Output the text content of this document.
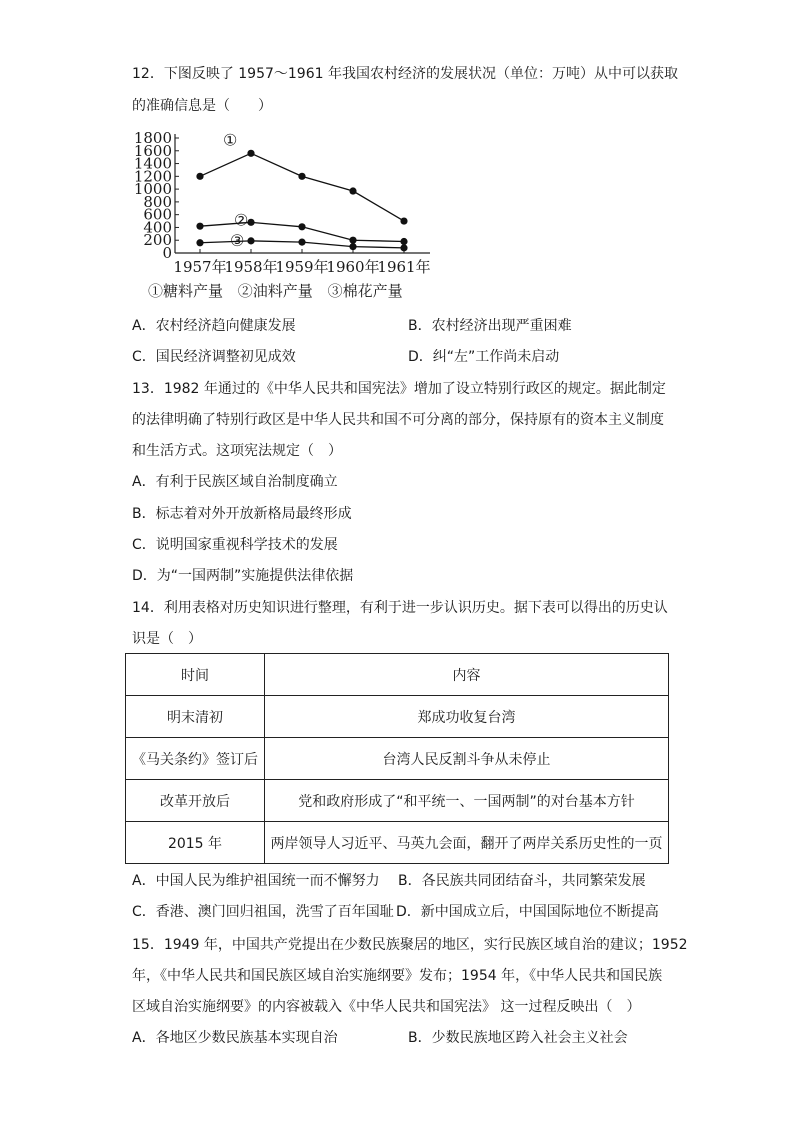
12．下图反映了 1957～1961 年我国农村经济的发展状况（单位：万吨）从中可以获取
的准确信息是（　　）
1800
1600
1400
1200
1000
800
600
400
200
0
1957年
1958年
1959年
1960年
1961年
①
②
③
①糖料产量 ②油料产量 ③棉花产量
A．农村经济趋向健康发展	B．农村经济出现严重困难
C．国民经济调整初见成效	D．纠“左”工作尚未启动
13．1982 年通过的《中华人民共和国宪法》增加了设立特别行政区的规定。据此制定
的法律明确了特别行政区是中华人民共和国不可分离的部分，保持原有的资本主义制度
和生活方式。这项宪法规定（　）
A．有利于民族区域自治制度确立
B．标志着对外开放新格局最终形成
C．说明国家重视科学技术的发展
D．为“一国两制”实施提供法律依据
14．利用表格对历史知识进行整理，有利于进一步认识历史。据下表可以得出的历史认
识是（　）
时间	内容
明末清初	郑成功收复台湾
《马关条约》签订后	台湾人民反割斗争从未停止
改革开放后	党和政府形成了“和平统一、一国两制”的对台基本方针
2015 年	两岸领导人习近平、马英九会面，翻开了两岸关系历史性的一页
A．中国人民为维护祖国统一而不懈努力 B．各民族共同团结奋斗，共同繁荣发展
C．香港、澳门回归祖国，洗雪了百年国耻 D．新中国成立后，中国国际地位不断提高
15．1949 年，中国共产党提出在少数民族聚居的地区，实行民族区域自治的建议；1952
年，《中华人民共和国民族区域自治实施纲要》发布；1954 年，《中华人民共和国民族
区域自治实施纲要》的内容被载入《中华人民共和国宪法》 这一过程反映出（　）
A．各地区少数民族基本实现自治	B．少数民族地区跨入社会主义社会
